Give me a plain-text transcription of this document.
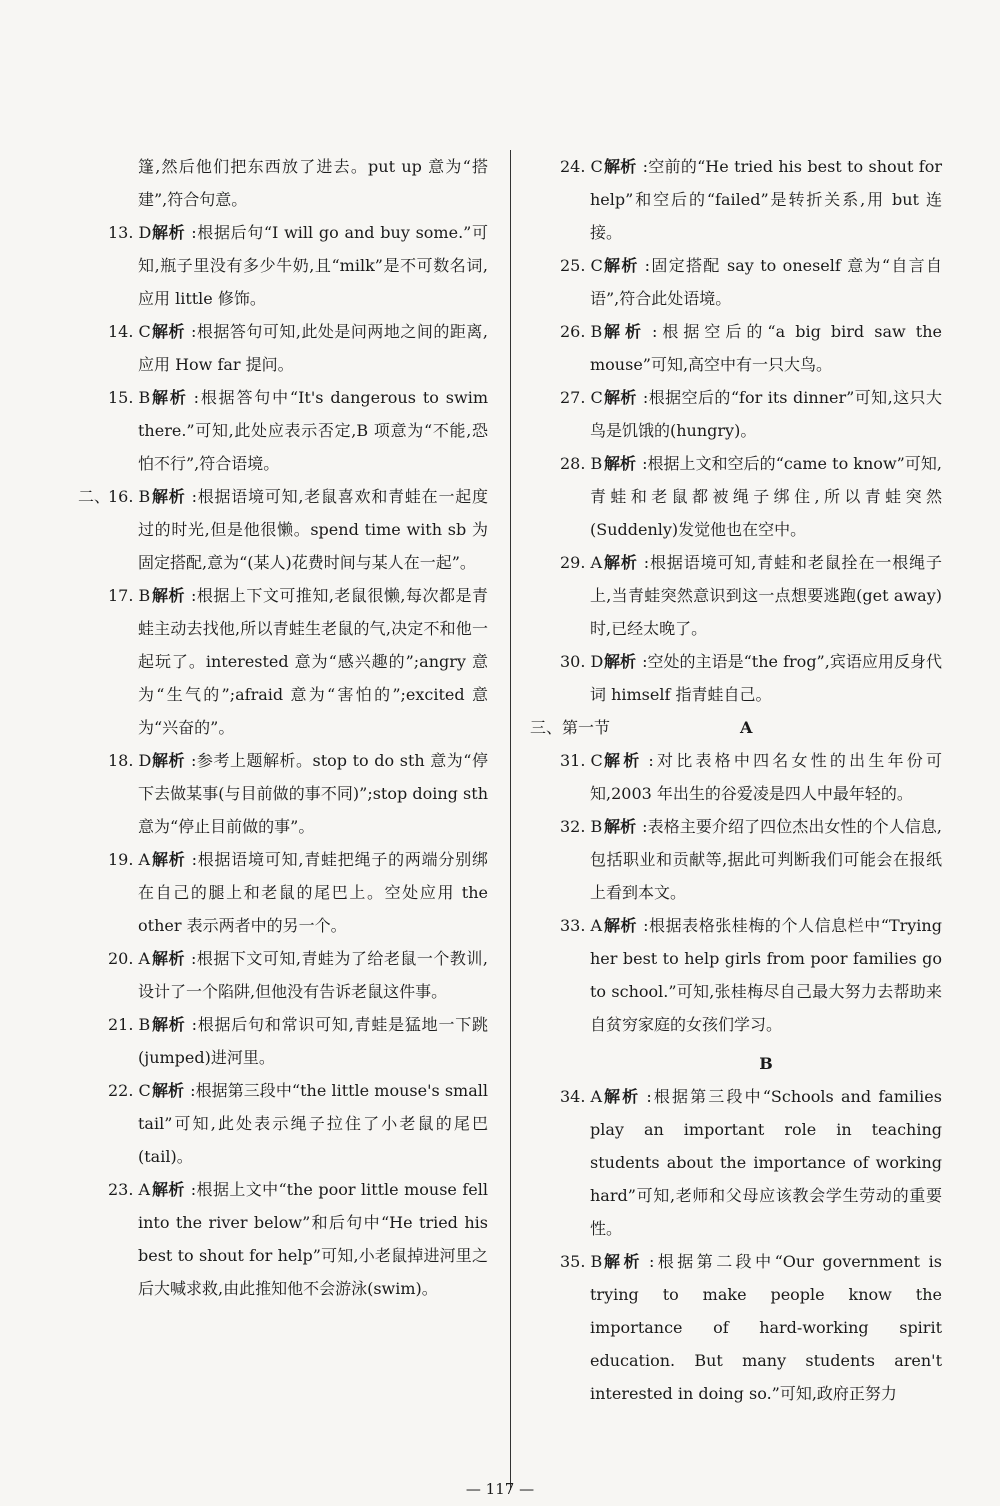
篷,然后他们把东西放了进去。put up 意为“搭建”,符合句意。
13. D 解析 :根据后句“I will go and buy some.”可知,瓶子里没有多少牛奶,且“milk”是不可数名词,应用 little 修饰。
14. C 解析 :根据答句可知,此处是问两地之间的距离,应用 How far 提问。
15. B 解析 :根据答句中“It's dangerous to swim there.”可知,此处应表示否定,B 项意为“不能,恐怕不行”,符合语境。
二、
16. B 解析 :根据语境可知,老鼠喜欢和青蛙在一起度过的时光,但是他很懒。spend time with sb 为固定搭配,意为“(某人)花费时间与某人在一起”。
17. B 解析 :根据上下文可推知,老鼠很懒,每次都是青蛙主动去找他,所以青蛙生老鼠的气,决定不和他一起玩了。interested 意为“感兴趣的”;angry 意为“生气的”;afraid 意为“害怕的”;excited 意为“兴奋的”。
18. D 解析 :参考上题解析。stop to do sth 意为“停下去做某事(与目前做的事不同)”;stop doing sth 意为“停止目前做的事”。
19. A 解析 :根据语境可知,青蛙把绳子的两端分别绑在自己的腿上和老鼠的尾巴上。空处应用 the other 表示两者中的另一个。
20. A 解析 :根据下文可知,青蛙为了给老鼠一个教训,设计了一个陷阱,但他没有告诉老鼠这件事。
21. B 解析 :根据后句和常识可知,青蛙是猛地一下跳(jumped)进河里。
22. C 解析 :根据第三段中“the little mouse's small tail”可知,此处表示绳子拉住了小老鼠的尾巴(tail)。
23. A 解析 :根据上文中“the poor little mouse fell into the river below”和后句中“He tried his best to shout for help”可知,小老鼠掉进河里之后大喊求救,由此推知他不会游泳(swim)。
24. C 解析 :空前的“He tried his best to shout for help”和空后的“failed”是转折关系,用 but 连接。
25. C 解析 :固定搭配 say to oneself 意为“自言自语”,符合此处语境。
26. B 解析 :根据空后的“a big bird saw the mouse”可知,高空中有一只大鸟。
27. C 解析 :根据空后的“for its dinner”可知,这只大鸟是饥饿的(hungry)。
28. B 解析 :根据上文和空后的“came to know”可知,青蛙和老鼠都被绳子绑住,所以青蛙突然(Suddenly)发觉他也在空中。
29. A 解析 :根据语境可知,青蛙和老鼠拴在一根绳子上,当青蛙突然意识到这一点想要逃跑(get away)时,已经太晚了。
30. D 解析 :空处的主语是“the frog”,宾语应用反身代词 himself 指青蛙自己。
三、第一节	A
31. C 解析 :对比表格中四名女性的出生年份可知,2003 年出生的谷爱凌是四人中最年轻的。
32. B 解析 :表格主要介绍了四位杰出女性的个人信息,包括职业和贡献等,据此可判断我们可能会在报纸上看到本文。
33. A 解析 :根据表格张桂梅的个人信息栏中“Trying her best to help girls from poor families go to school.”可知,张桂梅尽自己最大努力去帮助来自贫穷家庭的女孩们学习。
B
34. A 解析 :根据第三段中“Schools and families play an important role in teaching students about the importance of working hard”可知,老师和父母应该教会学生劳动的重要性。
35. B 解析 :根据第二段中“Our government is trying to make people know the importance of hard-working spirit education. But many students aren't interested in doing so.”可知,政府正努力
— 117 —
